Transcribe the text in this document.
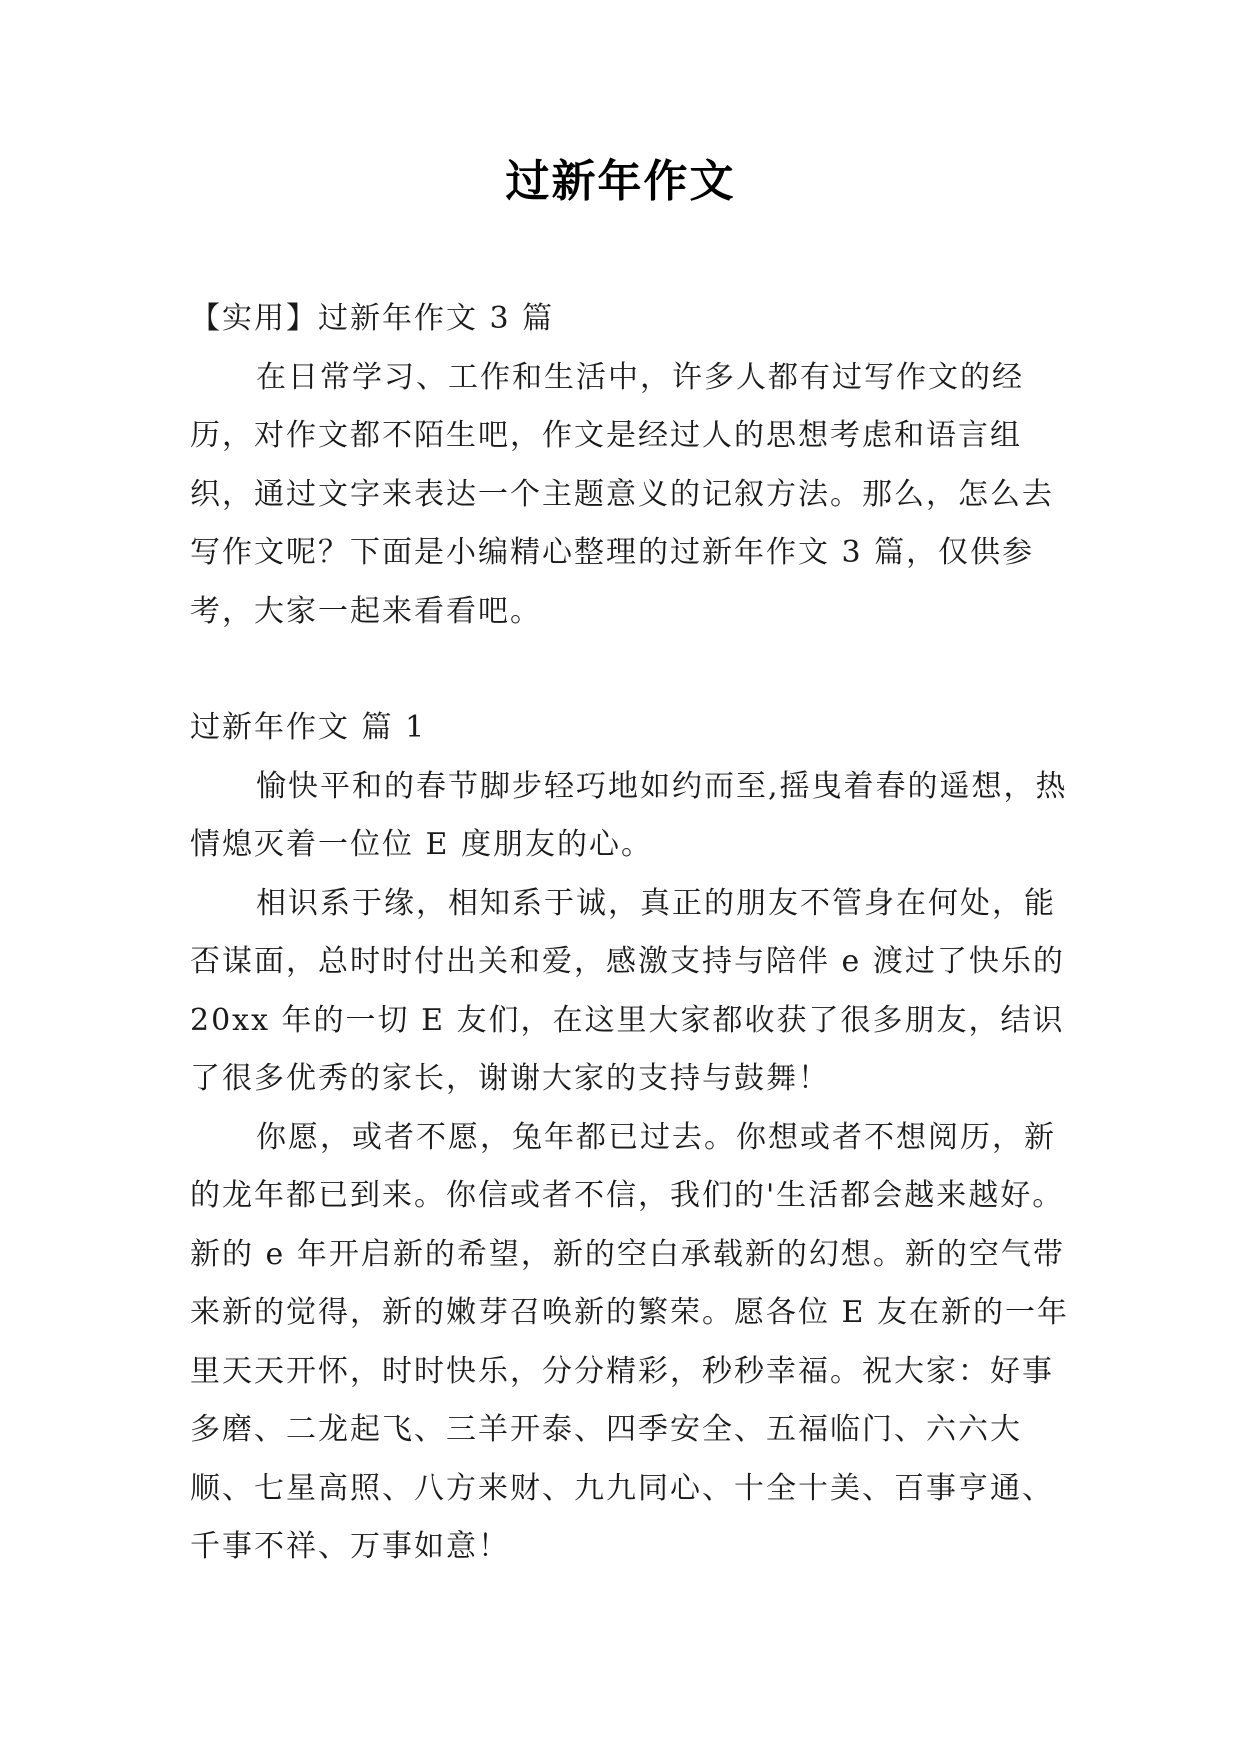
过新年作文

【实用】过新年作文 3 篇

在日常学习、工作和生活中，许多人都有过写作文的经历，对作文都不陌生吧，作文是经过人的思想考虑和语言组织，通过文字来表达一个主题意义的记叙方法。那么，怎么去写作文呢？下面是小编精心整理的过新年作文 3 篇，仅供参考，大家一起来看看吧。

过新年作文 篇 1

愉快平和的春节脚步轻巧地如约而至,摇曳着春的遥想，热情熄灭着一位位 E 度朋友的心。

相识系于缘，相知系于诚，真正的朋友不管身在何处，能否谋面，总时时付出关和爱，感激支持与陪伴 e 渡过了快乐的 20xx 年的一切 E 友们，在这里大家都收获了很多朋友，结识了很多优秀的家长，谢谢大家的支持与鼓舞！

你愿，或者不愿，兔年都已过去。你想或者不想阅历，新的龙年都已到来。你信或者不信，我们的'生活都会越来越好。新的 e 年开启新的希望，新的空白承载新的幻想。新的空气带来新的觉得，新的嫩芽召唤新的繁荣。愿各位 E 友在新的一年里天天开怀，时时快乐，分分精彩，秒秒幸福。祝大家：好事多磨、二龙起飞、三羊开泰、四季安全、五福临门、六六大顺、七星高照、八方来财、九九同心、十全十美、百事亨通、千事不祥、万事如意！
